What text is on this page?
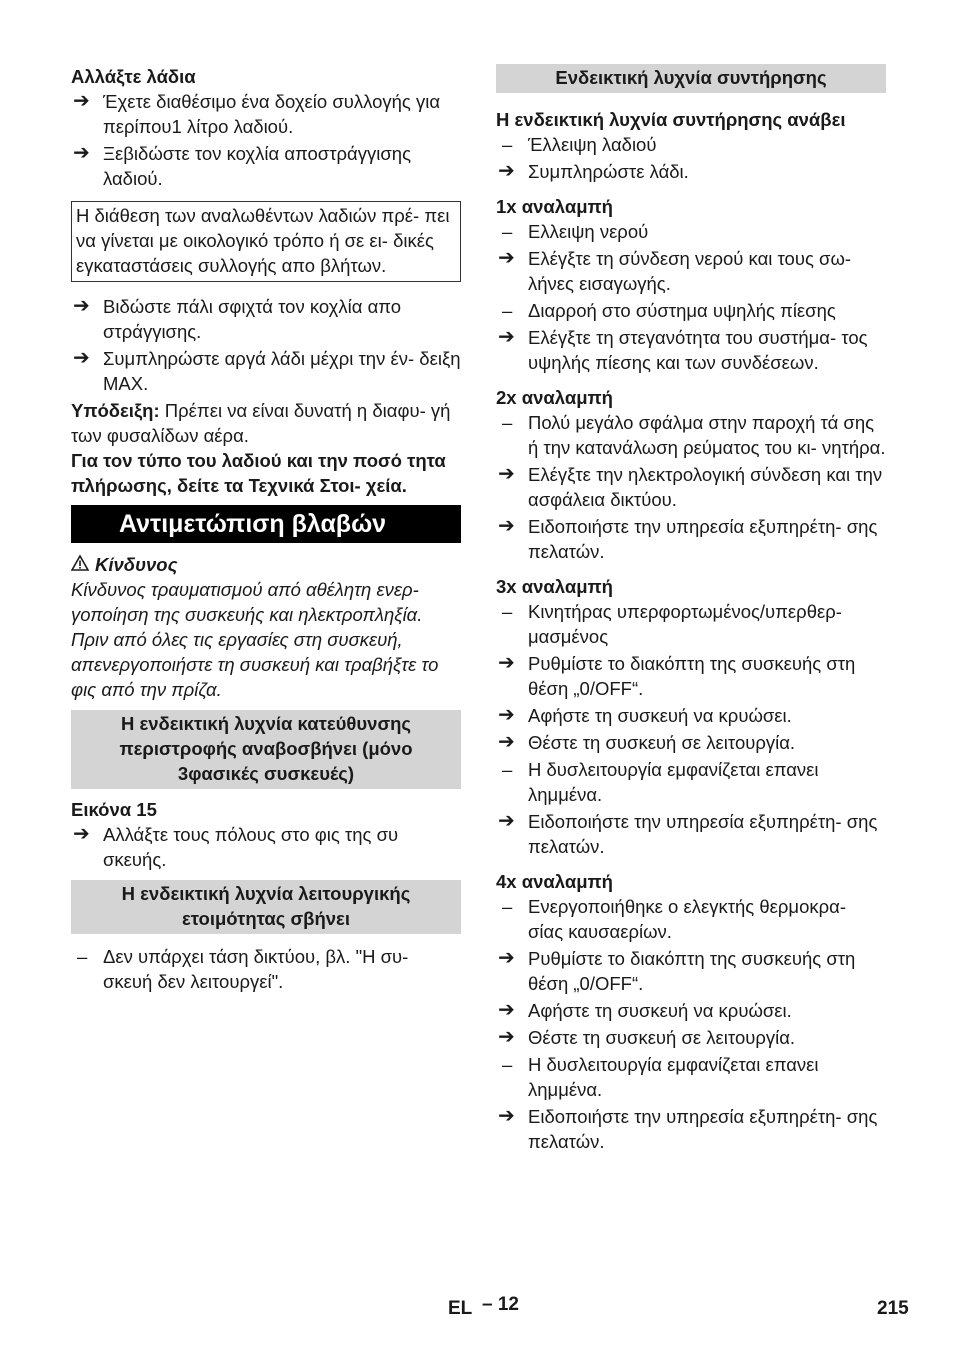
Αλλάξτε λάδια

➔ Έχετε διαθέσιμο ένα δοχείο συλλογής για περίπου1 λίτρο λαδιού.
➔ Ξεβιδώστε τον κοχλία αποστράγγισης λαδιού.
Η διάθεση των αναλωθέντων λαδιών πρέ- πει να γίνεται με οικολογικό τρόπο ή σε ει- δικές εγκαταστάσεις συλλογής απο βλήτων.
➔ Βιδώστε πάλι σφιχτά τον κοχλία απο στράγγισης.
➔ Συμπληρώστε αργά λάδι μέχρι την έν- δειξη MAX.

Υπόδειξη: Πρέπει να είναι δυνατή η διαφυ- γή των φυσαλίδων αέρα.

Για τον τύπο του λαδιού και την ποσό τητα πλήρωσης, δείτε τα Τεχνικά Στοι- χεία.

Αντιμετώπιση βλαβών

Κίνδυνος

Κίνδυνος τραυματισμού από αθέλητη ενερ- γοποίηση της συσκευής και ηλεκτροπληξία. Πριν από όλες τις εργασίες στη συσκευή, απενεργοποιήστε τη συσκευή και τραβήξτε το φις από την πρίζα.

Η ενδεικτική λυχνία κατεύθυνσης περιστροφής αναβοσβήνει (μόνο 3φασικές συσκευές)

Εικόνα 15

➔ Αλλάξτε τους πόλους στο φις της συ σκευής.
Η ενδεικτική λυχνία λειτουργικής ετοιμότητας σβήνει
– Δεν υπάρχει τάση δικτύου, βλ. "Η συ- σκευή δεν λειτουργεί".
Ενδεικτική λυχνία συντήρησης

Η ενδεικτική λυχνία συντήρησης ανάβει

– Έλλειψη λαδιού
➔ Συμπληρώστε λάδι.

1x αναλαμπή

– Ελλειψη νερού
➔ Ελέγξτε τη σύνδεση νερού και τους σω- λήνες εισαγωγής.
– Διαρροή στο σύστημα υψηλής πίεσης
➔ Ελέγξτε τη στεγανότητα του συστήμα- τος υψηλής πίεσης και των συνδέσεων.

2x αναλαμπή

– Πολύ μεγάλο σφάλμα στην παροχή τά σης ή την κατανάλωση ρεύματος του κι- νητήρα.
➔ Ελέγξτε την ηλεκτρολογική σύνδεση και την ασφάλεια δικτύου.
➔ Ειδοποιήστε την υπηρεσία εξυπηρέτη- σης πελατών.

3x αναλαμπή

– Κινητήρας υπερφορτωμένος/υπερθερ- μασμένος
➔ Ρυθμίστε το διακόπτη της συσκευής στη θέση „0/OFF“.
➔ Αφήστε τη συσκευή να κρυώσει.
➔ Θέστε τη συσκευή σε λειτουργία.
– Η δυσλειτουργία εμφανίζεται επανει λημμένα.
➔ Ειδοποιήστε την υπηρεσία εξυπηρέτη- σης πελατών.

4x αναλαμπή

– Ενεργοποιήθηκε ο ελεγκτής θερμοκρα- σίας καυσαερίων.
➔ Ρυθμίστε το διακόπτη της συσκευής στη θέση „0/OFF“.
➔ Αφήστε τη συσκευή να κρυώσει.
➔ Θέστε τη συσκευή σε λειτουργία.
– Η δυσλειτουργία εμφανίζεται επανει λημμένα.
➔ Ειδοποιήστε την υπηρεσία εξυπηρέτη- σης πελατών.
EL – 12	215
